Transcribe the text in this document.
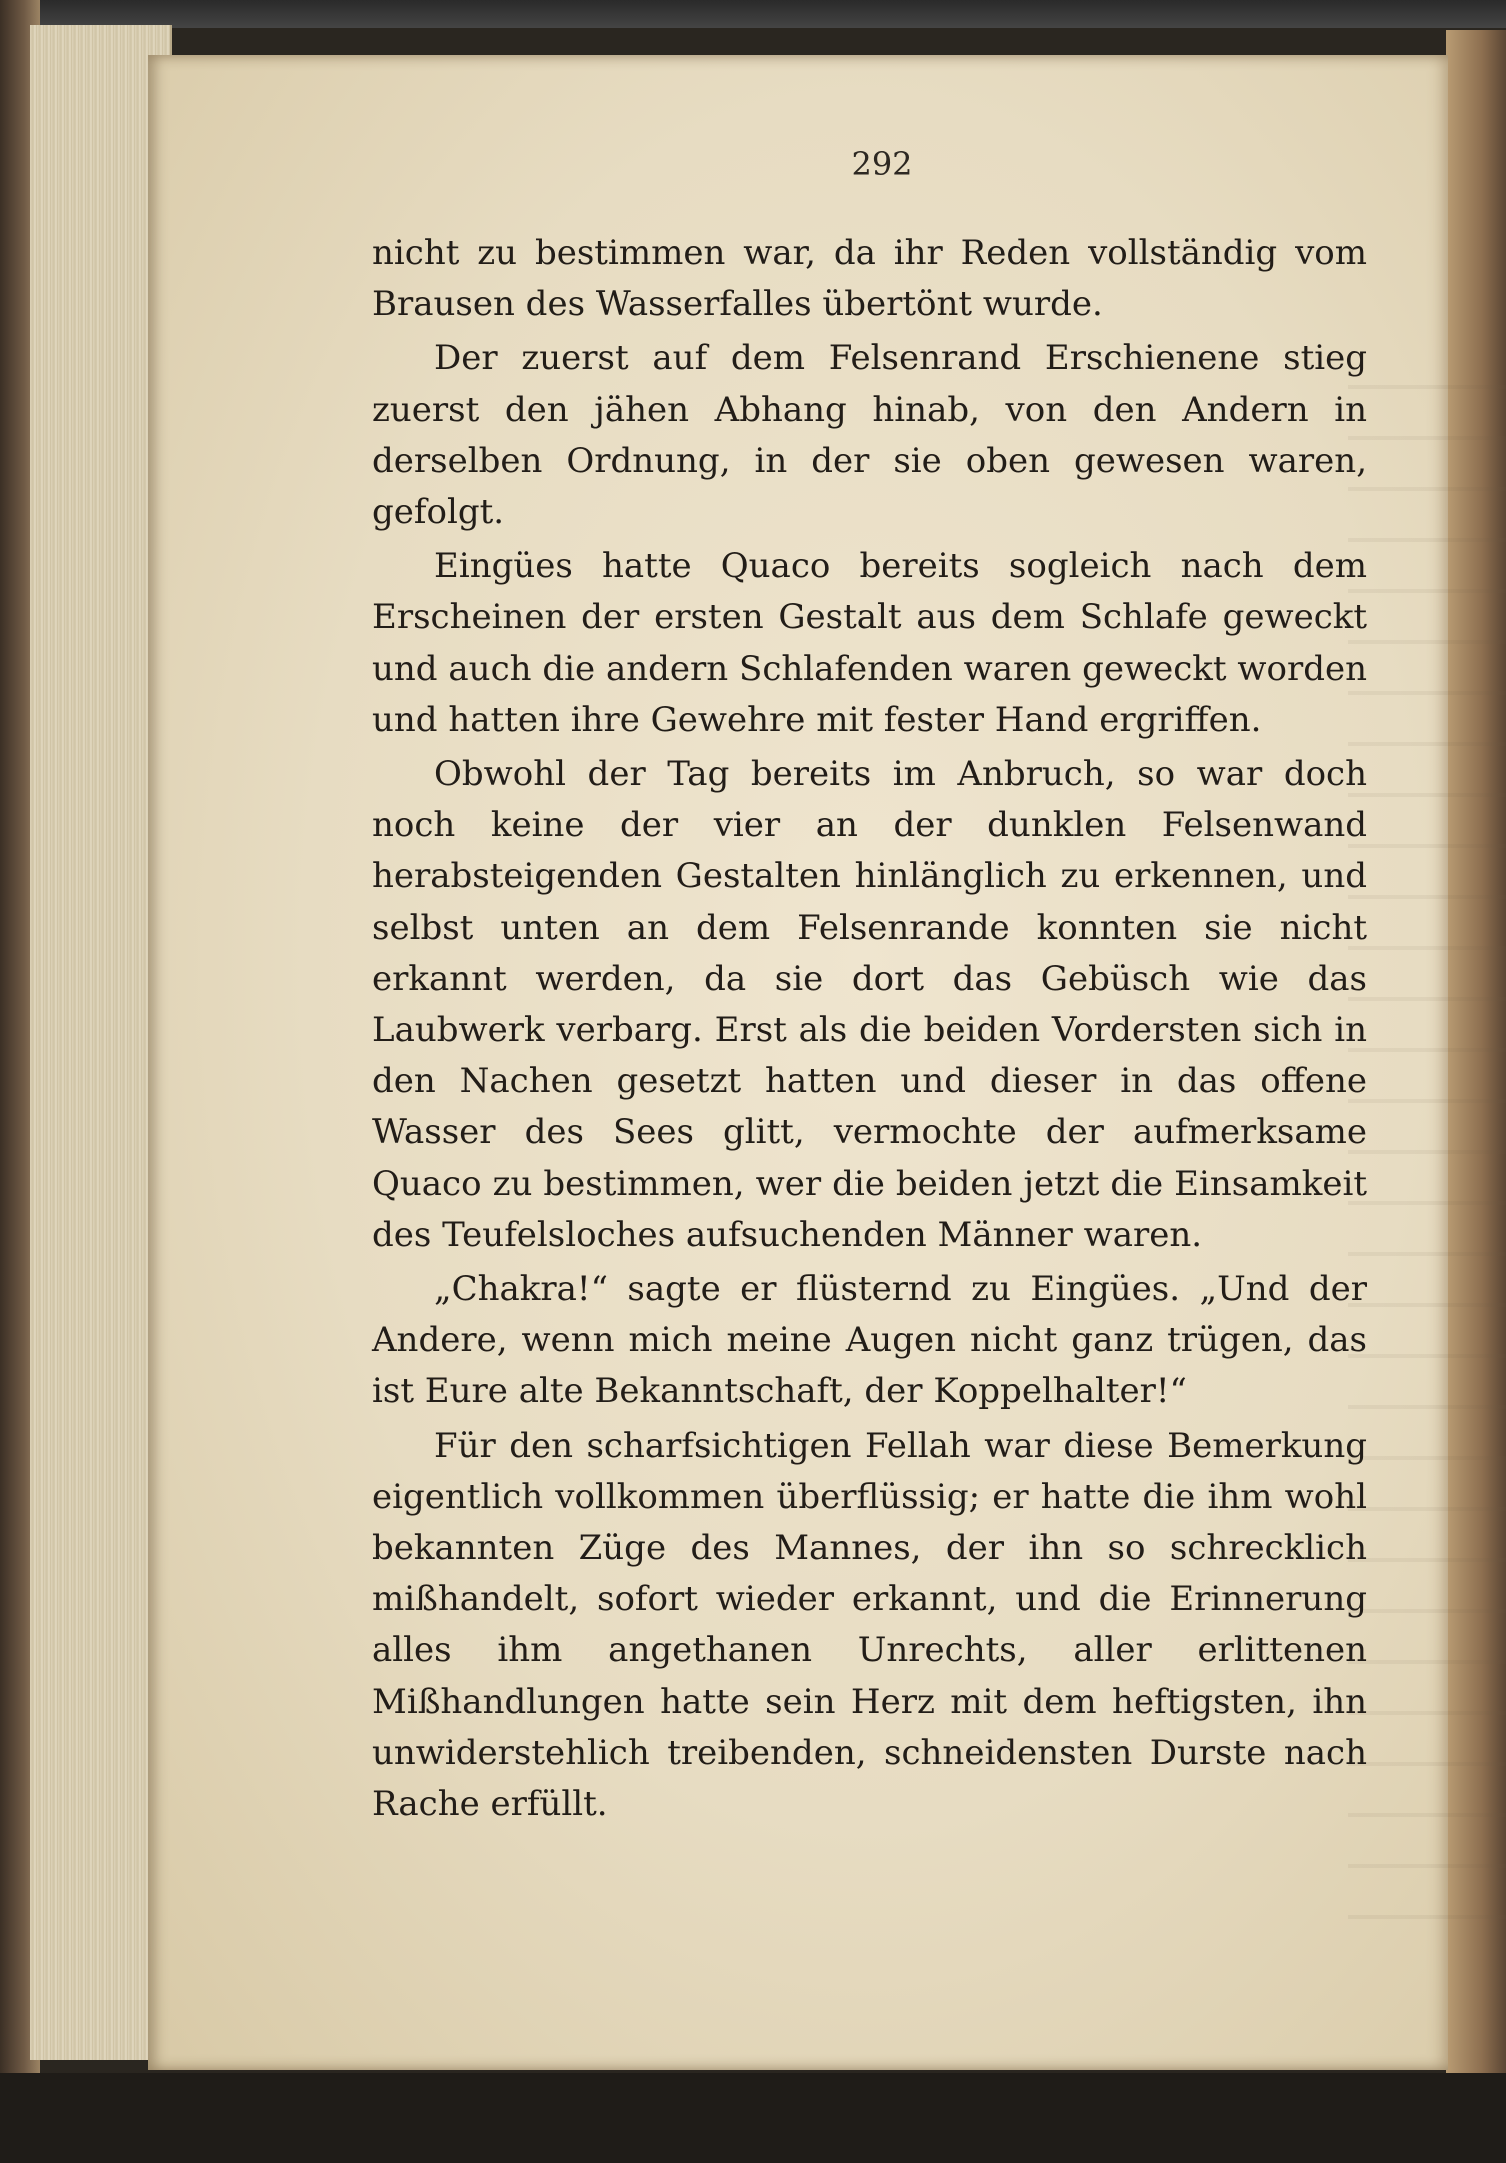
292

nicht zu bestimmen war, da ihr Reden vollständig vom Brausen des Wasserfalles übertönt wurde.

Der zuerst auf dem Felsenrand Erschienene stieg zuerst den jähen Abhang hinab, von den Andern in derselben Ordnung, in der sie oben gewesen waren, gefolgt.

Eingües hatte Quaco bereits sogleich nach dem Erscheinen der ersten Gestalt aus dem Schlafe geweckt und auch die andern Schlafenden waren geweckt worden und hatten ihre Gewehre mit fester Hand ergriffen.

Obwohl der Tag bereits im Anbruch, so war doch noch keine der vier an der dunklen Felsenwand herabsteigenden Gestalten hinlänglich zu erkennen, und selbst unten an dem Felsenrande konnten sie nicht erkannt werden, da sie dort das Gebüsch wie das Laubwerk verbarg. Erst als die beiden Vordersten sich in den Nachen gesetzt hatten und dieser in das offene Wasser des Sees glitt, vermochte der aufmerksame Quaco zu bestimmen, wer die beiden jetzt die Einsamkeit des Teufelsloches aufsuchenden Männer waren.

„Chakra!“ sagte er flüsternd zu Eingües. „Und der Andere, wenn mich meine Augen nicht ganz trügen, das ist Eure alte Bekanntschaft, der Koppelhalter!“

Für den scharfsichtigen Fellah war diese Bemerkung eigentlich vollkommen überflüssig; er hatte die ihm wohl bekannten Züge des Mannes, der ihn so schrecklich mißhandelt, sofort wieder erkannt, und die Erinnerung alles ihm angethanen Unrechts, aller erlittenen Mißhandlungen hatte sein Herz mit dem heftigsten, ihn unwiderstehlich treibenden, schneidensten Durste nach Rache erfüllt.
